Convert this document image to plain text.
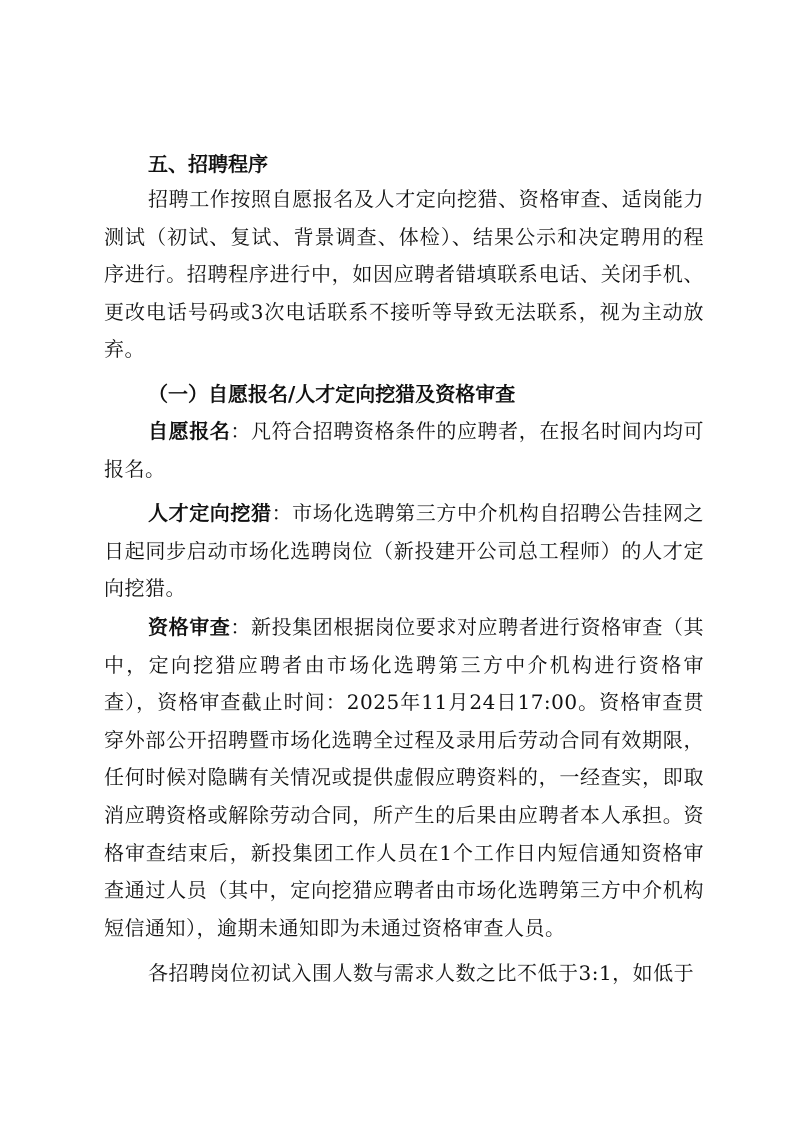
五、招聘程序

招聘工作按照自愿报名及人才定向挖猎、资格审查、适岗能力测试（初试、复试、背景调查、体检）、结果公示和决定聘用的程序进行。招聘程序进行中，如因应聘者错填联系电话、关闭手机、更改电话号码或3次电话联系不接听等导致无法联系，视为主动放弃。

（一）自愿报名/人才定向挖猎及资格审查

自愿报名：凡符合招聘资格条件的应聘者，在报名时间内均可报名。

人才定向挖猎：市场化选聘第三方中介机构自招聘公告挂网之日起同步启动市场化选聘岗位（新投建开公司总工程师）的人才定向挖猎。

资格审查：新投集团根据岗位要求对应聘者进行资格审查（其中，定向挖猎应聘者由市场化选聘第三方中介机构进行资格审查），资格审查截止时间：2025年11月24日17:00。资格审查贯穿外部公开招聘暨市场化选聘全过程及录用后劳动合同有效期限，任何时候对隐瞒有关情况或提供虚假应聘资料的，一经查实，即取消应聘资格或解除劳动合同，所产生的后果由应聘者本人承担。资格审查结束后，新投集团工作人员在1个工作日内短信通知资格审查通过人员（其中，定向挖猎应聘者由市场化选聘第三方中介机构短信通知），逾期未通知即为未通过资格审查人员。

各招聘岗位初试入围人数与需求人数之比不低于3:1，如低于
